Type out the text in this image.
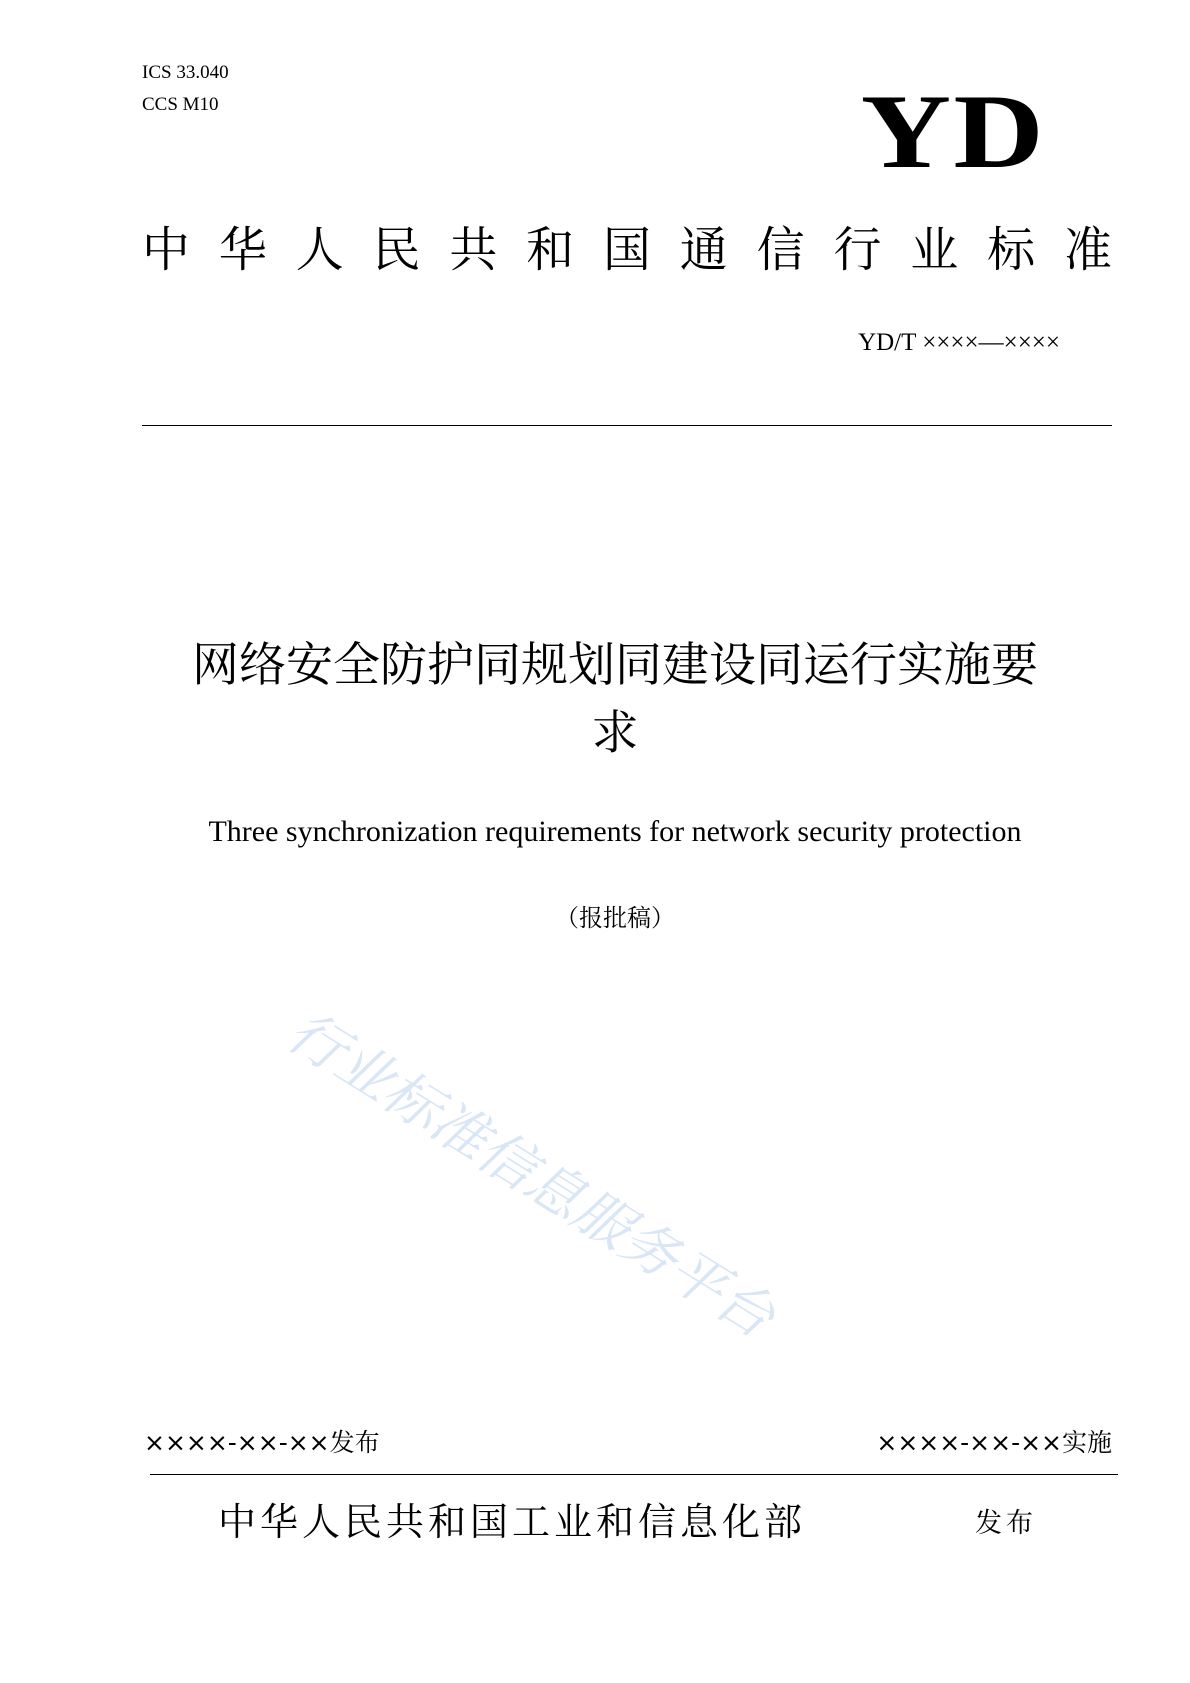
ICS 33.040
CCS M10	YD
中 华 人 民 共 和 国 通 信 行 业 标 准
YD/T ××××—××××
网络安全防护同规划同建设同运行实施要
求
Three synchronization requirements for network security protection
（报批稿）
行业标准信息服务平台
××××-××-××发布	××××-××-××实施
中华人民共和国工业和信息化部	发布
